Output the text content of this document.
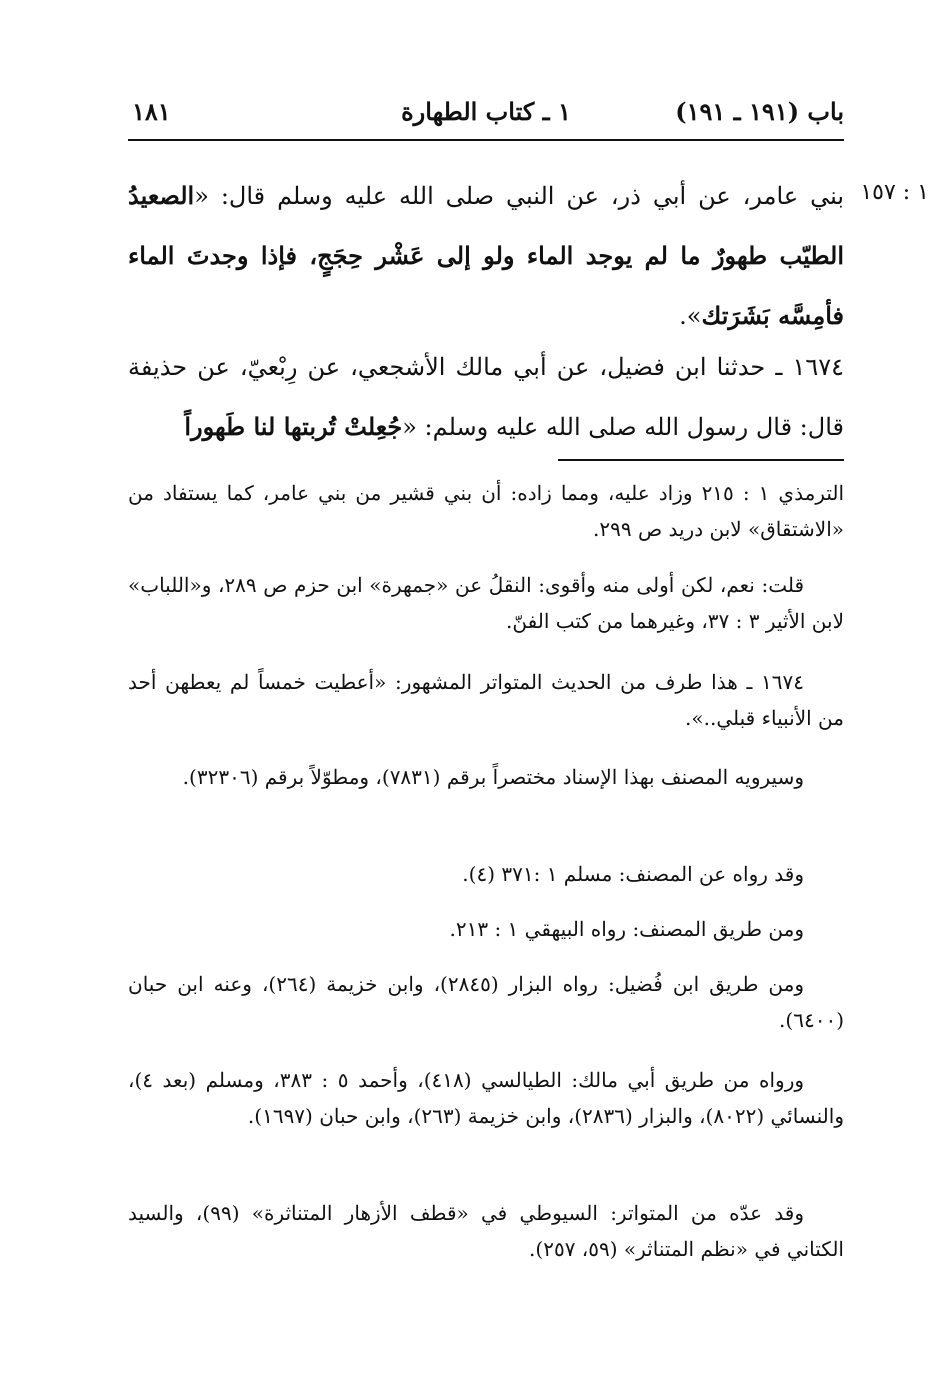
باب (١٩١ ـ ١٩١)
١ ـ كتاب الطهارة
١٨١
١ : ١٥٧
بني عامر، عن أبي ذر، عن النبي صلى الله عليه وسلم قال: «الصعيدُ الطيّب طهورٌ ما لم يوجد الماء ولو إلى عَشْر حِجَجٍ، فإذا وجدتَ الماء فأمِسَّه بَشَرَتك».
١٦٧٤ ـ حدثنا ابن فضيل، عن أبي مالك الأشجعي، عن رِبْعيّ، عن حذيفة قال: قال رسول الله صلى الله عليه وسلم: «جُعِلتْ تُربتها لنا طَهوراً
الترمذي ١ : ٢١٥ وزاد عليه، ومما زاده: أن بني قشير من بني عامر، كما يستفاد من «الاشتقاق» لابن دريد ص ٢٩٩.
قلت: نعم، لكن أولى منه وأقوى: النقلُ عن «جمهرة» ابن حزم ص ٢٨٩، و«اللباب» لابن الأثير ٣ : ٣٧، وغيرهما من كتب الفنّ.
١٦٧٤ ـ هذا طرف من الحديث المتواتر المشهور: «أعطيت خمساً لم يعطهن أحد من الأنبياء قبلي..».
وسيرويه المصنف بهذا الإسناد مختصراً برقم (٧٨٣١)، ومطوّلاً برقم (٣٢٣٠٦).
وقد رواه عن المصنف: مسلم ١ :٣٧١ (٤).
ومن طريق المصنف: رواه البيهقي ١ : ٢١٣.
ومن طريق ابن فُضيل: رواه البزار (٢٨٤٥)، وابن خزيمة (٢٦٤)، وعنه ابن حبان (٦٤٠٠).
ورواه من طريق أبي مالك: الطيالسي (٤١٨)، وأحمد ٥ : ٣٨٣، ومسلم (بعد ٤)، والنسائي (٨٠٢٢)، والبزار (٢٨٣٦)، وابن خزيمة (٢٦٣)، وابن حبان (١٦٩٧).
وقد عدّه من المتواتر: السيوطي في «قطف الأزهار المتناثرة» (٩٩)، والسيد الكتاني في «نظم المتناثر» (٥٩، ٢٥٧).
